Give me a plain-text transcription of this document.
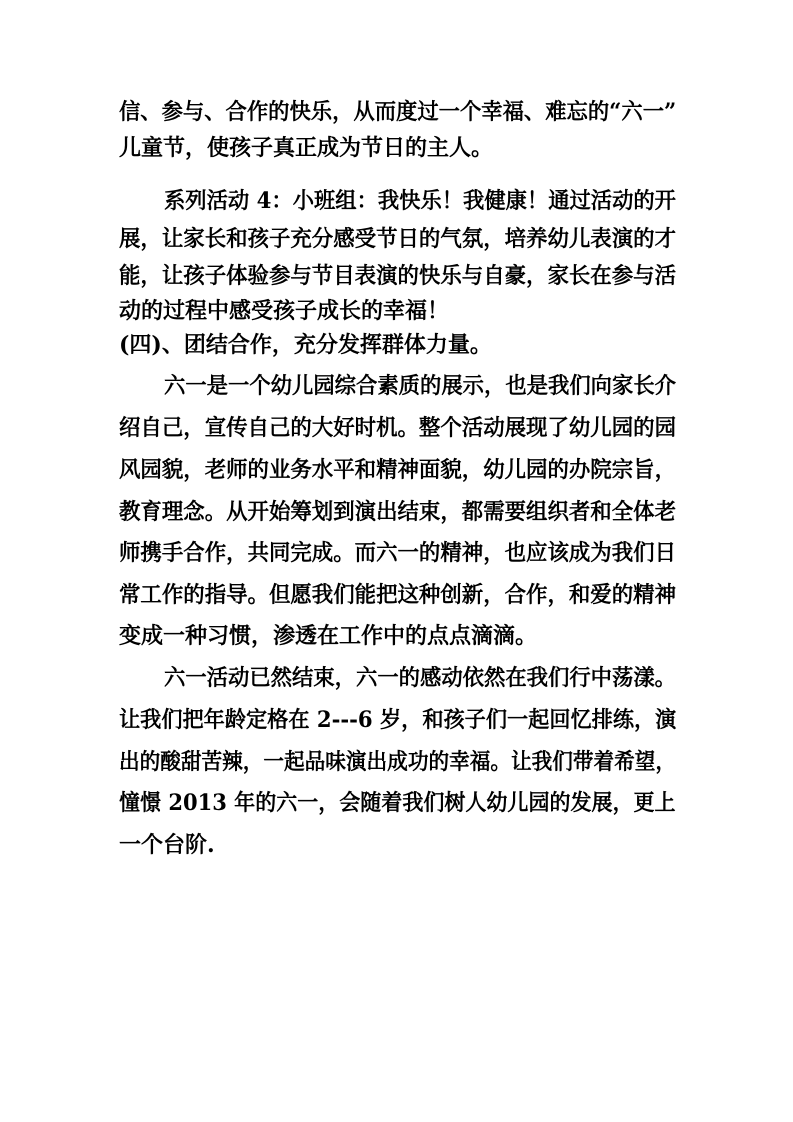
信、参与、合作的快乐，从而度过一个幸福、难忘的“六一”
儿童节，使孩子真正成为节日的主人。
系列活动 4：小班组：我快乐！我健康！通过活动的开
展，让家长和孩子充分感受节日的气氛，培养幼儿表演的才
能，让孩子体验参与节目表演的快乐与自豪，家长在参与活
动的过程中感受孩子成长的幸福！
(四)、团结合作，充分发挥群体力量。
六一是一个幼儿园综合素质的展示，也是我们向家长介
绍自己，宣传自己的大好时机。整个活动展现了幼儿园的园
风园貌，老师的业务水平和精神面貌，幼儿园的办院宗旨，
教育理念。从开始筹划到演出结束，都需要组织者和全体老
师携手合作，共同完成。而六一的精神，也应该成为我们日
常工作的指导。但愿我们能把这种创新，合作，和爱的精神
变成一种习惯，渗透在工作中的点点滴滴。
六一活动已然结束，六一的感动依然在我们行中荡漾。
让我们把年龄定格在 2---6 岁，和孩子们一起回忆排练，演
出的酸甜苦辣，一起品味演出成功的幸福。让我们带着希望，
憧憬 2013 年的六一，会随着我们树人幼儿园的发展，更上
一个台阶.
